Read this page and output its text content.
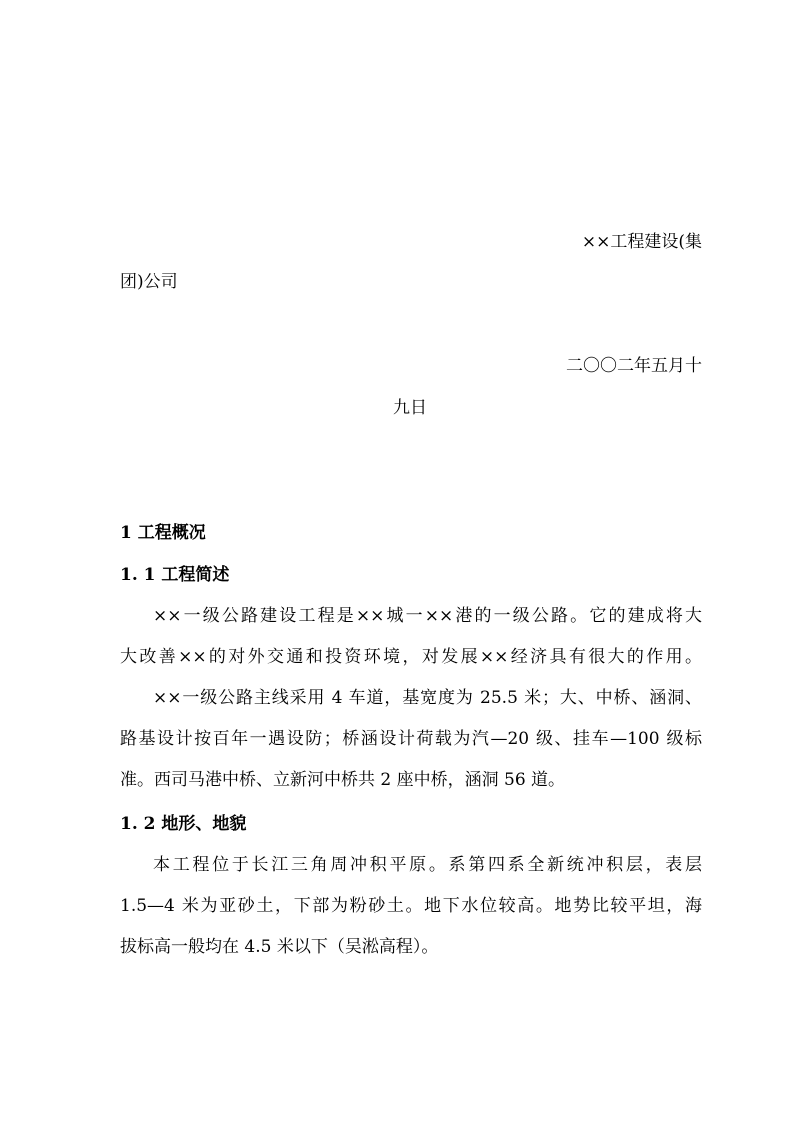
××工程建设(集
团)公司
二〇〇二年五月十
九日
1 工程概况
1. 1 工程简述
××一级公路建设工程是××城一××港的一级公路。它的建成将大
大改善××的对外交通和投资环境，对发展××经济具有很大的作用。
××一级公路主线采用 4 车道，基宽度为 25.5 米；大、中桥、涵洞、
路基设计按百年一遇设防；桥涵设计荷载为汽—20 级、挂车—100 级标
准。西司马港中桥、立新河中桥共 2 座中桥，涵洞 56 道。
1. 2 地形、地貌
本工程位于长江三角周冲积平原。系第四系全新统冲积层，表层
1.5—4 米为亚砂土，下部为粉砂土。地下水位较高。地势比较平坦，海
拔标高一般均在 4.5 米以下（吴淞高程）。
